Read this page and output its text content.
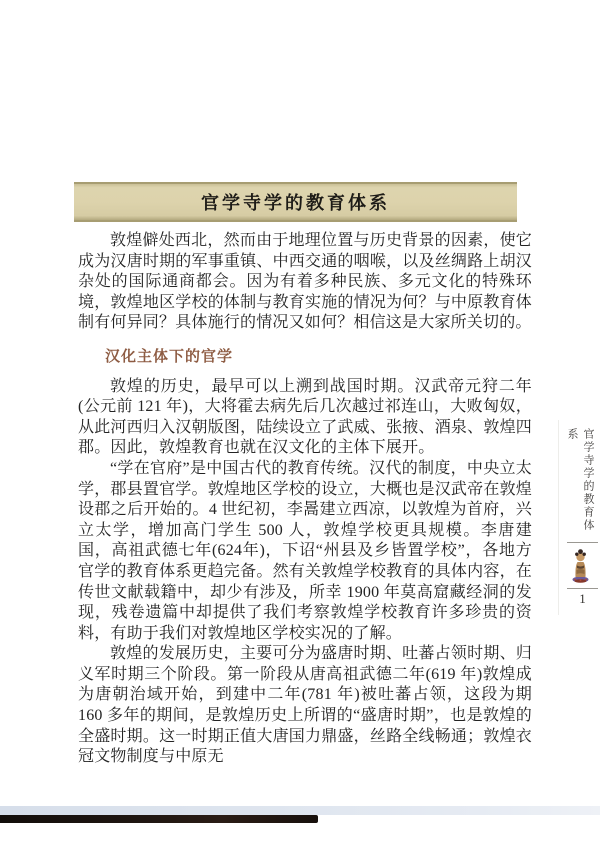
官学寺学的教育体系

敦煌僻处西北，然而由于地理位置与历史背景的因素，使它成为汉唐时期的军事重镇、中西交通的咽喉，以及丝绸路上胡汉杂处的国际通商都会。因为有着多种民族、多元文化的特殊环境，敦煌地区学校的体制与教育实施的情况为何？与中原教育体制有何异同？具体施行的情况又如何？相信这是大家所关切的。

汉化主体下的官学

敦煌的历史，最早可以上溯到战国时期。汉武帝元狩二年(公元前 121 年)，大将霍去病先后几次越过祁连山，大败匈奴，从此河西归入汉朝版图，陆续设立了武威、张掖、酒泉、敦煌四郡。因此，敦煌教育也就在汉文化的主体下展开。

“学在官府”是中国古代的教育传统。汉代的制度，中央立太学，郡县置官学。敦煌地区学校的设立，大概也是汉武帝在敦煌设郡之后开始的。4 世纪初，李暠建立西凉，以敦煌为首府，兴立太学，增加高门学生 500 人，敦煌学校更具规模。李唐建国，高祖武德七年(624年)，下诏“州县及乡皆置学校”，各地方官学的教育体系更趋完备。然有关敦煌学校教育的具体内容，在传世文献载籍中，却少有涉及，所幸 1900 年莫高窟藏经洞的发现，残卷遗篇中却提供了我们考察敦煌学校教育许多珍贵的资料，有助于我们对敦煌地区学校实况的了解。

敦煌的发展历史，主要可分为盛唐时期、吐蕃占领时期、归义军时期三个阶段。第一阶段从唐高祖武德二年(619 年)敦煌成为唐朝治域开始，到建中二年(781 年)被吐蕃占领，这段为期 160 多年的期间，是敦煌历史上所谓的“盛唐时期”，也是敦煌的全盛时期。这一时期正值大唐国力鼎盛，丝路全线畅通；敦煌衣冠文物制度与中原无

官学寺学的教育体系
1
